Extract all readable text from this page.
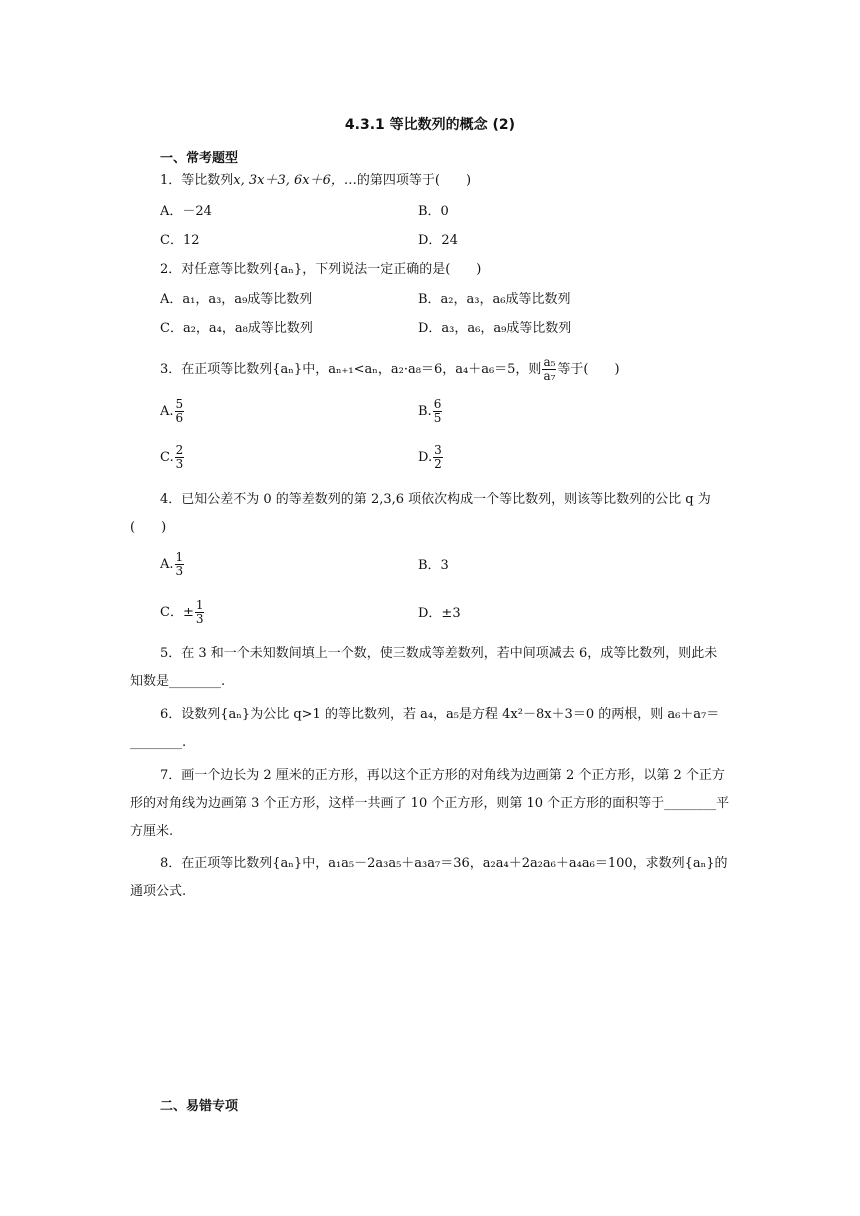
4.3.1 等比数列的概念 (2)
一、常考题型
1．等比数列x, 3x＋3, 6x＋6，…的第四项等于(　　)
A．－24	B．0
C．12	D．24
2．对任意等比数列{aₙ}，下列说法一定正确的是(　　)
A．a₁，a₃，a₉成等比数列	B．a₂，a₃，a₆成等比数列
C．a₂，a₄，a₈成等比数列	D．a₃，a₆，a₉成等比数列
3．在正项等比数列{aₙ}中，aₙ₊₁<aₙ，a₂·a₈＝6，a₄＋a₆＝5，则 $\frac{\text{a₅}}{\text{a₇}}$ 等于(　　)
A. $\frac{5}{6}$	B. $\frac{6}{5}$
C. $\frac{2}{3}$	D. $\frac{3}{2}$
4．已知公差不为 0 的等差数列的第 2,3,6 项依次构成一个等比数列，则该等比数列的公比 q 为(　　)
A. $\frac{1}{3}$	B．3
C．± $\frac{1}{3}$	D．±3
5．在 3 和一个未知数间填上一个数，使三数成等差数列，若中间项减去 6，成等比数列，则此未知数是________.
6．设数列{aₙ}为公比 q>1 的等比数列，若 a₄，a₅是方程 4x²－8x＋3＝0 的两根，则 a₆＋a₇＝________.
7．画一个边长为 2 厘米的正方形，再以这个正方形的对角线为边画第 2 个正方形，以第 2 个正方形的对角线为边画第 3 个正方形，这样一共画了 10 个正方形，则第 10 个正方形的面积等于________平方厘米.
8．在正项等比数列{aₙ}中，a₁a₅－2a₃a₅＋a₃a₇＝36，a₂a₄＋2a₂a₆＋a₄a₆＝100，求数列{aₙ}的通项公式.
二、易错专项
